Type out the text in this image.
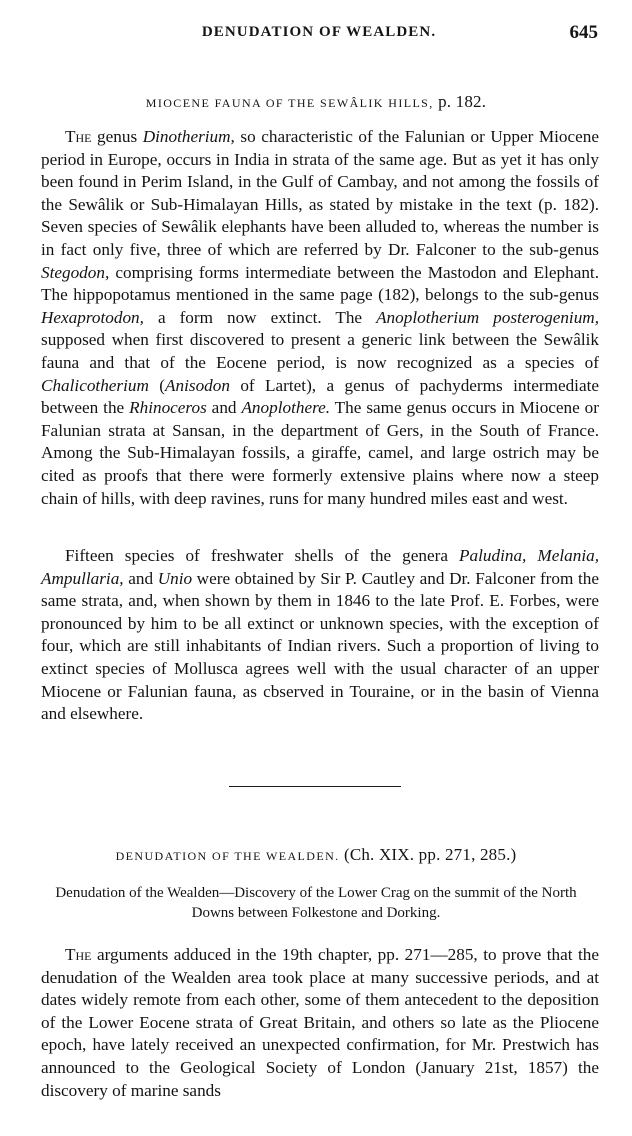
DENUDATION OF WEALDEN.	645
MIOCENE FAUNA OF THE SEWÂLIK HILLS, p. 182.

The genus Dinotherium, so characteristic of the Falunian or Upper Miocene period in Europe, occurs in India in strata of the same age. But as yet it has only been found in Perim Island, in the Gulf of Cambay, and not among the fossils of the Sewâlik or Sub-Himalayan Hills, as stated by mistake in the text (p. 182). Seven species of Sewâlik elephants have been alluded to, whereas the number is in fact only five, three of which are referred by Dr. Falconer to the sub-genus Stegodon, comprising forms intermediate between the Mastodon and Elephant. The hippopotamus mentioned in the same page (182), belongs to the sub-genus Hexaprotodon, a form now extinct. The Anoplotherium posterogenium, supposed when first discovered to present a generic link between the Sewâlik fauna and that of the Eocene period, is now recognized as a species of Chalicotherium (Anisodon of Lartet), a genus of pachyderms intermediate between the Rhinoceros and Anoplothere. The same genus occurs in Miocene or Falunian strata at Sansan, in the department of Gers, in the South of France. Among the Sub-Himalayan fossils, a giraffe, camel, and large ostrich may be cited as proofs that there were formerly extensive plains where now a steep chain of hills, with deep ravines, runs for many hundred miles east and west.

Fifteen species of freshwater shells of the genera Paludina, Melania, Ampullaria, and Unio were obtained by Sir P. Cautley and Dr. Falconer from the same strata, and, when shown by them in 1846 to the late Prof. E. Forbes, were pronounced by him to be all extinct or unknown species, with the exception of four, which are still inhabitants of Indian rivers. Such a proportion of living to extinct species of Mollusca agrees well with the usual character of an upper Miocene or Falunian fauna, as cbserved in Touraine, or in the basin of Vienna and elsewhere.

DENUDATION OF THE WEALDEN. (Ch. XIX. pp. 271, 285.)
Denudation of the Wealden—Discovery of the Lower Crag on the summit of the North Downs between Folkestone and Dorking.

The arguments adduced in the 19th chapter, pp. 271—285, to prove that the denudation of the Wealden area took place at many successive periods, and at dates widely remote from each other, some of them antecedent to the deposition of the Lower Eocene strata of Great Britain, and others so late as the Pliocene epoch, have lately received an unexpected confirmation, for Mr. Prestwich has announced to the Geological Society of London (January 21st, 1857) the discovery of marine sands
